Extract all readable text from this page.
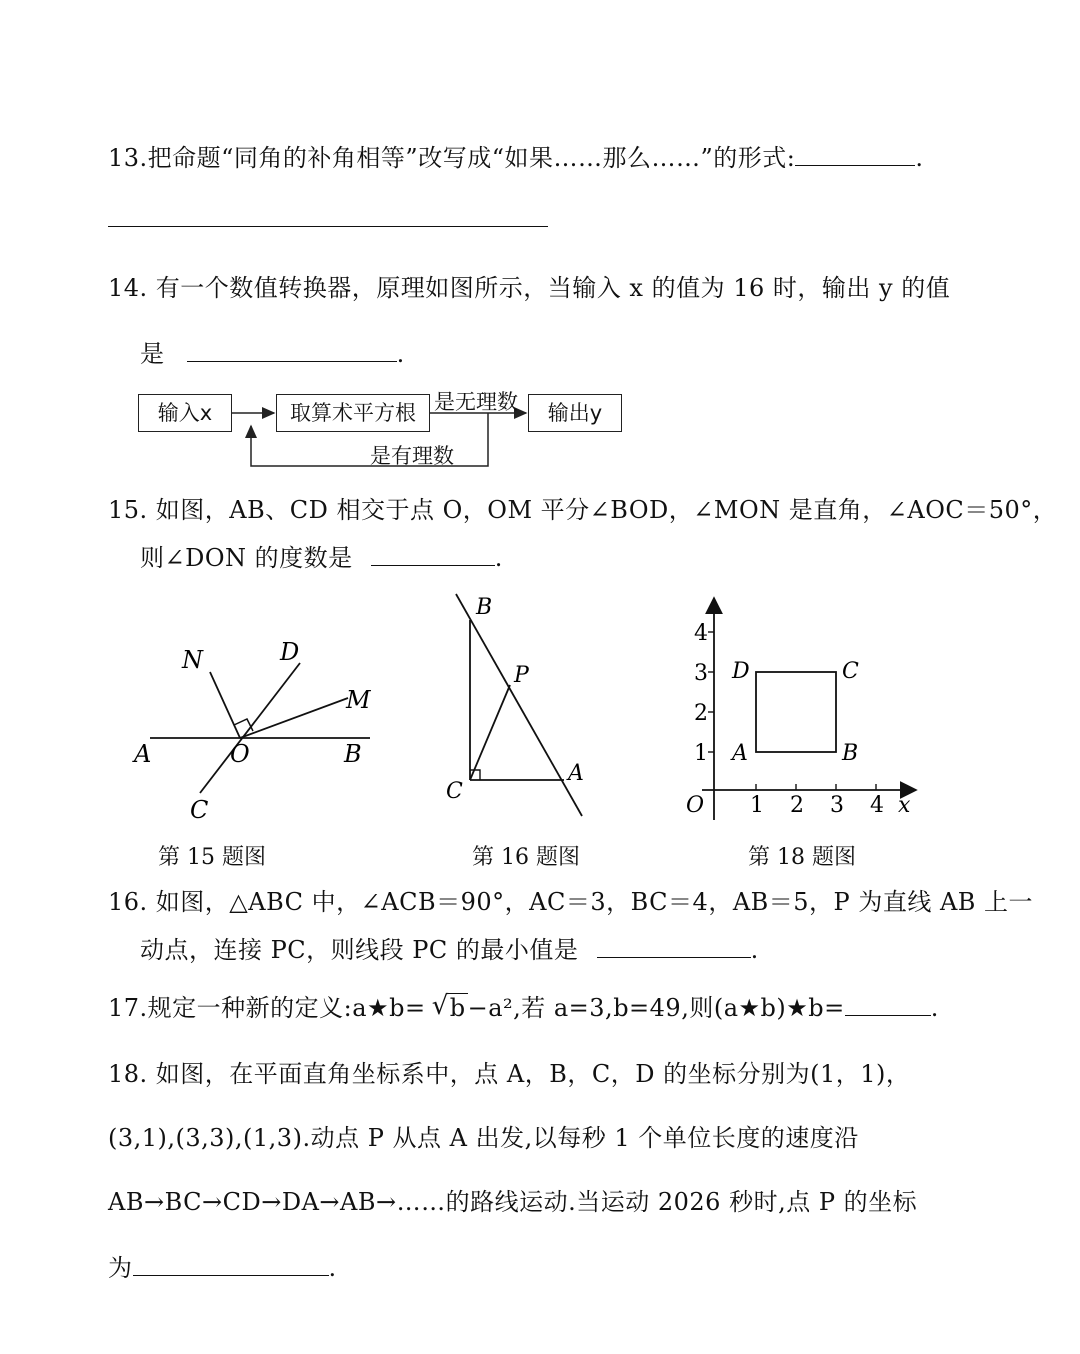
13.把命题“同角的补角相等”改写成“如果……那么……”的形式:	.
14. 有一个数值转换器，原理如图所示，当输入 x 的值为 16 时，输出 y 的值
是	.
输入x	取算术平方根 是无理数	输出y
是有理数
15. 如图，AB、CD 相交于点 O，OM 平分∠BOD，∠MON 是直角，∠AOC＝50°，
则∠DON 的度数是	.
N	D
M
A	O	B
C
第 15 题图
B
P
C
A
第 16 题图
4
3
2
1
1 2 3 4
O	x
A	B
C
D
第 18 题图
16. 如图，△ABC 中，∠ACB＝90°，AC＝3，BC＝4，AB＝5，P 为直线 AB 上一
动点，连接 PC，则线段 PC 的最小值是	.
17.规定一种新的定义:a★b= √ b−a²,若 a=3,b=49,则(a★b)★b=	.
18. 如图，在平面直角坐标系中，点 A，B，C，D 的坐标分别为(1，1)，
(3,1),(3,3),(1,3).动点 P 从点 A 出发,以每秒 1 个单位长度的速度沿
AB→BC→CD→DA→AB→……的路线运动.当运动 2026 秒时,点 P 的坐标
为	.
